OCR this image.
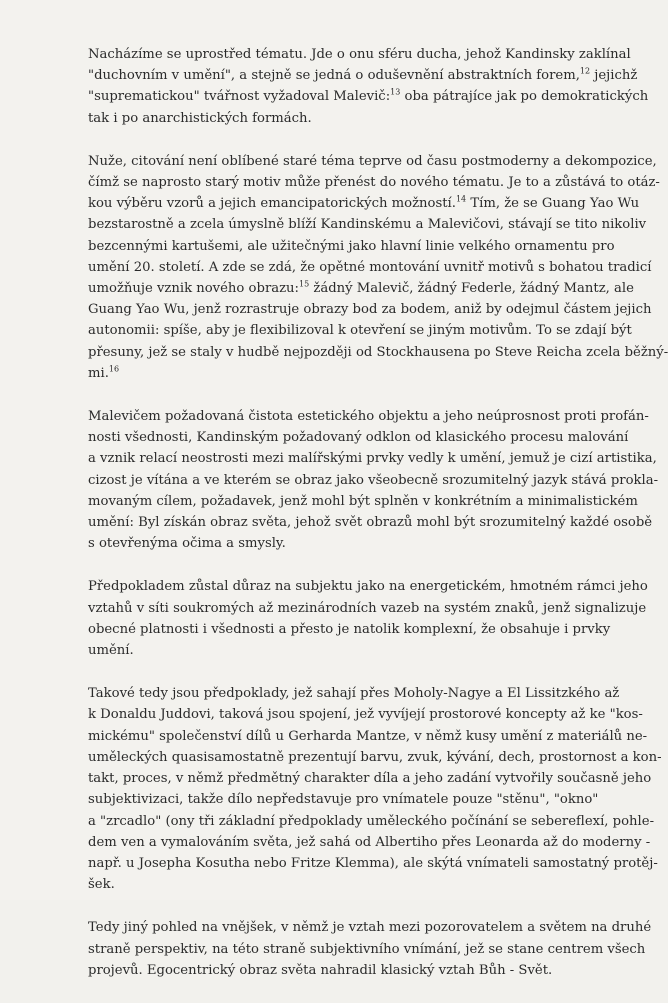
Nacházíme se uprostřed tématu. Jde o onu sféru ducha, jehož Kandinsky zaklínal
"duchovním v umění", a stejně se jedná o oduševnění abstraktních forem,$^{12}$ jejichž
"suprematickou" tvářnost vyžadoval Malevič:$^{13}$ oba pátrajíce jak po demokratických
tak i po anarchistických formách.
Nuže, citování není oblíbené staré téma teprve od času postmoderny a dekompozice,
čímž se naprosto starý motiv může přenést do nového tématu. Je to a zůstává to otáz-
kou výběru vzorů a jejich emancipatorických možností.$^{14}$ Tím, že se Guang Yao Wu
bezstarostně a zcela úmyslně blíží Kandinskému a Malevičovi, stávají se tito nikoliv
bezcennými kartušemi, ale užitečnými jako hlavní linie velkého ornamentu pro
umění 20. století. A zde se zdá, že opětné montování uvnitř motivů s bohatou tradicí
umožňuje vznik nového obrazu:$^{15}$ žádný Malevič, žádný Federle, žádný Mantz, ale
Guang Yao Wu, jenž rozrastruje obrazy bod za bodem, aniž by odejmul částem jejich
autonomii: spíše, aby je flexibilizoval k otevření se jiným motivům. To se zdají být
přesuny, jež se staly v hudbě nejpozději od Stockhausena po Steve Reicha zcela běžný-
mi.$^{16}$
Malevičem požadovaná čistota estetického objektu a jeho neúprosnost proti profán-
nosti všednosti, Kandinským požadovaný odklon od klasického procesu malování
a vznik relací neostrosti mezi malířskými prvky vedly k umění, jemuž je cizí artistika,
cizost je vítána a ve kterém se obraz jako všeobecně srozumitelný jazyk stává prokla-
movaným cílem, požadavek, jenž mohl být splněn v konkrétním a minimalistickém
umění: Byl získán obraz světa, jehož svět obrazů mohl být srozumitelný každé osobě
s otevřenýma očima a smysly.
Předpokladem zůstal důraz na subjektu jako na energetickém, hmotném rámci jeho
vztahů v síti soukromých až mezinárodních vazeb na systém znaků, jenž signalizuje
obecné platnosti i všednosti a přesto je natolik komplexní, že obsahuje i prvky
umění.
Takové tedy jsou předpoklady, jež sahají přes Moholy-Nagye a El Lissitzkého až
k Donaldu Juddovi, taková jsou spojení, jež vyvíjejí prostorové koncepty až ke "kos-
mickému" společenství dílů u Gerharda Mantze, v němž kusy umění z materiálů ne-
uměleckých quasisamostatně prezentují barvu, zvuk, kývání, dech, prostornost a kon-
takt, proces, v němž předmětný charakter díla a jeho zadání vytvořily současně jeho
subjektivizaci, takže dílo nepředstavuje pro vnímatele pouze "stěnu", "okno"
a "zrcadlo" (ony tři základní předpoklady uměleckého počínání se sebereflexí, pohle-
dem ven a vymalováním světa, jež sahá od Albertiho přes Leonarda až do moderny -
např. u Josepha Kosutha nebo Fritze Klemma), ale skýtá vnímateli samostatný protěj-
šek.
Tedy jiný pohled na vnějšek, v němž je vztah mezi pozorovatelem a světem na druhé
straně perspektiv, na této straně subjektivního vnímání, jež se stane centrem všech
projevů. Egocentrický obraz světa nahradil klasický vztah Bůh - Svět.
